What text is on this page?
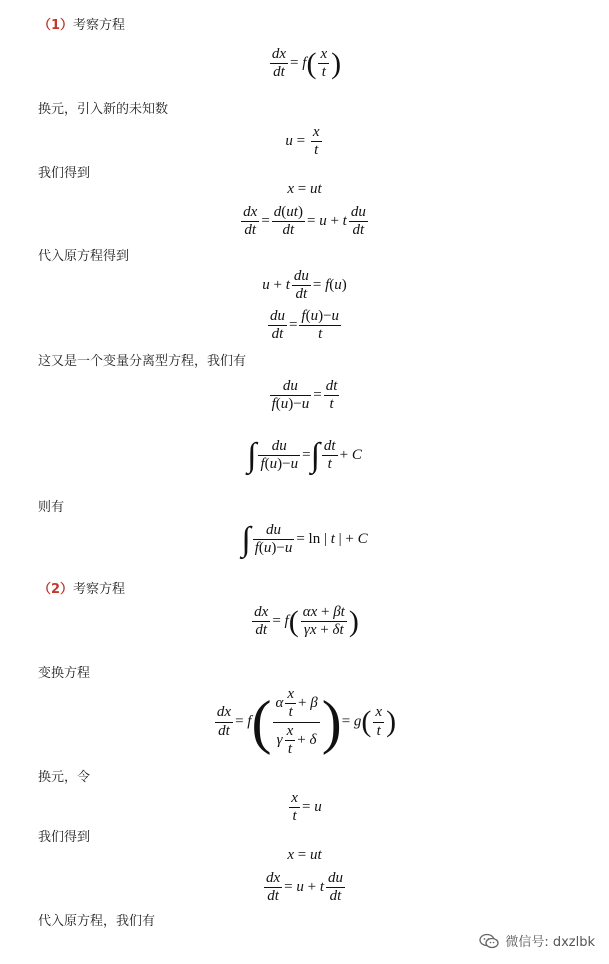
（1）考察方程
$\frac{dx}{dt} = f( \frac{x}{t}$ )
换元，引入新的未知数
$u = \frac{x}{t}$
我们得到
x = ut
$\frac{dx}{dt} = \frac{d(ut)}{dt} = u + t \frac{du}{dt}$
代入原方程得到
u + t $\frac{du}{dt} = f(u)$
$\frac{du}{dt} = \frac{f(u)-u}{t}$
这又是一个变量分离型方程，我们有
$\frac{du}{f(u)-u} = \frac{dt}{t}$
∫ $\frac{du}{f(u)-u}$ =∫ $\frac{dt}{t} + C$
则有
∫ $\frac{du}{f(u)-u} = \ln$ | t | + C
（2）考察方程
$\frac{dx}{dt} = f( \frac{\alpha x + \beta t}{\gamma x + \delta t}$ )
变换方程
$\frac{dx}{dt} = f( \frac{\alpha \frac{x}{t} + \beta}{\gamma \frac{x}{t} + \delta}$ )= $g( \frac{x}{t}$ )
换元，令
$\frac{x}{t} = u$
我们得到
x = ut
$\frac{dx}{dt} = u + t \frac{du}{dt}$
代入原方程，我们有
微信号: dxzlbk
